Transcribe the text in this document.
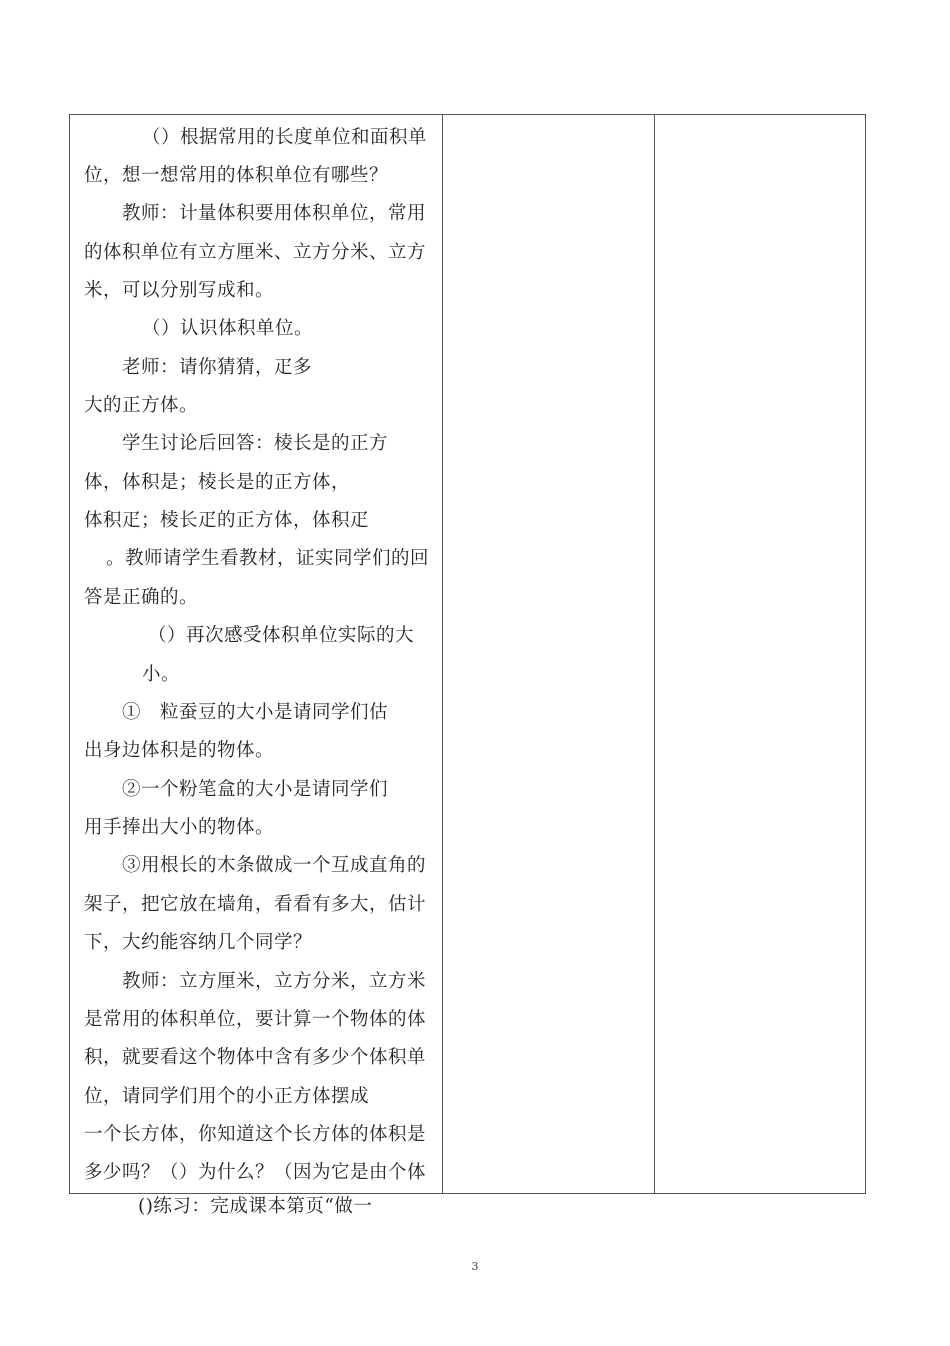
（）根据常用的长度单位和面积单
位，想一想常用的体积单位有哪些？
教师：计量体积要用体积单位，常用
的体积单位有立方厘米、立方分米、立方
米，可以分别写成和。
（）认识体积单位。
老师：请你猜猜，疋多
大的正方体。
学生讨论后回答：棱长是的正方
体，体积是；棱长是的正方体，
体积疋；棱长疋的正方体，体积疋
。教师请学生看教材，证实同学们的回
答是正确的。
（）再次感受体积单位实际的大
小。
①　粒蚕豆的大小是请同学们估
出身边体积是的物体。
②一个粉笔盒的大小是请同学们
用手捧出大小的物体。
③用根长的木条做成一个互成直角的
架子，把它放在墙角，看看有多大，估计
下，大约能容纳几个同学？
教师：立方厘米，立方分米，立方米
是常用的体积单位，要计算一个物体的体
积，就要看这个物体中含有多少个体积单
位，请同学们用个的小正方体摆成
一个长方体，你知道这个长方体的体积是
多少吗？（）为什么？（因为它是由个体
()练习：完成课本第页“做一
3
